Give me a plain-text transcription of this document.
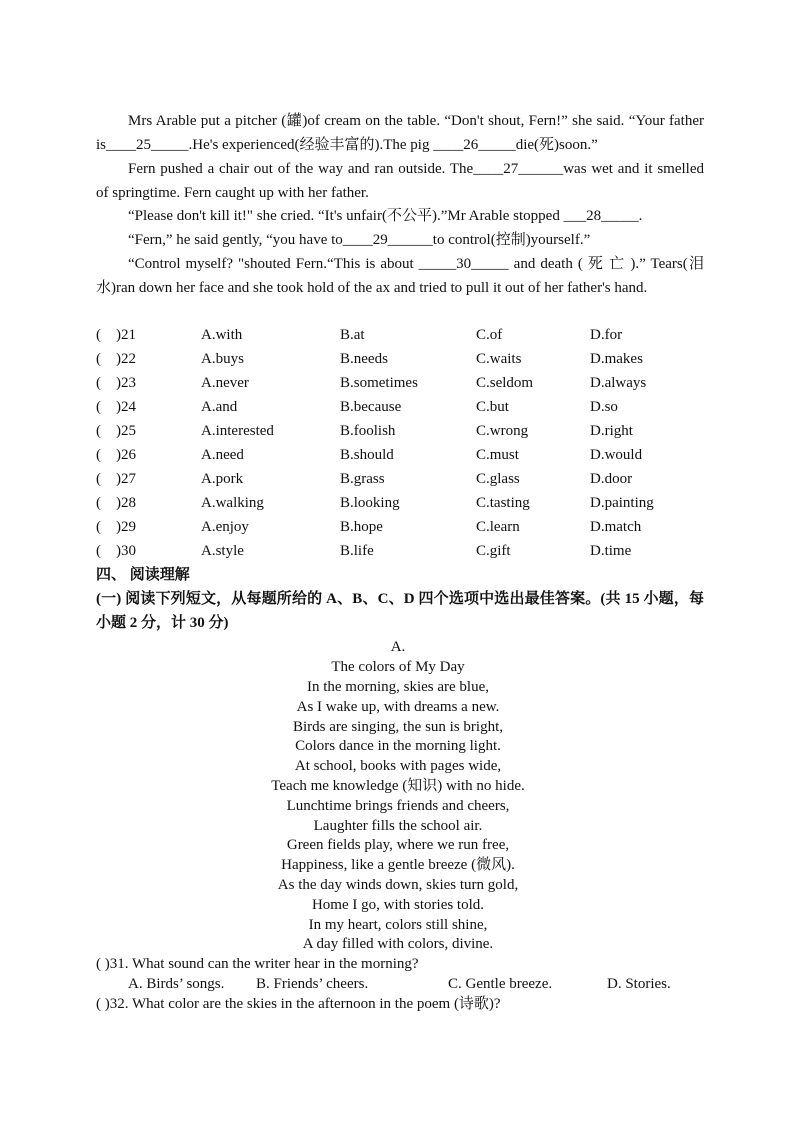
Mrs Arable put a pitcher (罐)of cream on the table. “Don't shout, Fern!” she said. “Your father is____25_____.He's experienced(经验丰富的).The pig ____26_____die(死)soon.”

Fern pushed a chair out of the way and ran outside. The____27______was wet and it smelled of springtime. Fern caught up with her father.

“Please don't kill it!" she cried. “It's unfair(不公平).”Mr Arable stopped ___28_____.

“Fern,” he said gently, “you have to____29______to control(控制)yourself.”

“Control myself? "shouted Fern.“This is about _____30_____ and death ( 死 亡 ).” Tears(泪水)ran down her face and she took hold of the ax and tried to pull it out of her father's hand.

( )21	A.with	B.at	C.of	D.for
( )22	A.buys	B.needs	C.waits	D.makes
( )23	A.never	B.sometimes	C.seldom	D.always
( )24	A.and	B.because	C.but	D.so
( )25	A.interested	B.foolish	C.wrong	D.right
( )26	A.need	B.should	C.must	D.would
( )27	A.pork	B.grass	C.glass	D.door
( )28	A.walking	B.looking	C.tasting	D.painting
( )29	A.enjoy	B.hope	C.learn	D.match
( )30	A.style	B.life	C.gift	D.time
四、 阅读理解

(一) 阅读下列短文，从每题所给的 A、B、C、D 四个选项中选出最佳答案。(共 15 小题，每小题 2 分，计 30 分)

A.
The colors of My Day
In the morning, skies are blue,
As I wake up, with dreams a new.
Birds are singing, the sun is bright,
Colors dance in the morning light.
At school, books with pages wide,
Teach me knowledge (知识) with no hide.
Lunchtime brings friends and cheers,
Laughter fills the school air.
Green fields play, where we run free,
Happiness, like a gentle breeze (微风).
As the day winds down, skies turn gold,
Home I go, with stories told.
In my heart, colors still shine,
A day filled with colors, divine.
( )31. What sound can the writer hear in the morning?
A. Birds’ songs. B. Friends’ cheers.	C. Gentle breeze.	D. Stories.
( )32. What color are the skies in the afternoon in the poem (诗歌)?
